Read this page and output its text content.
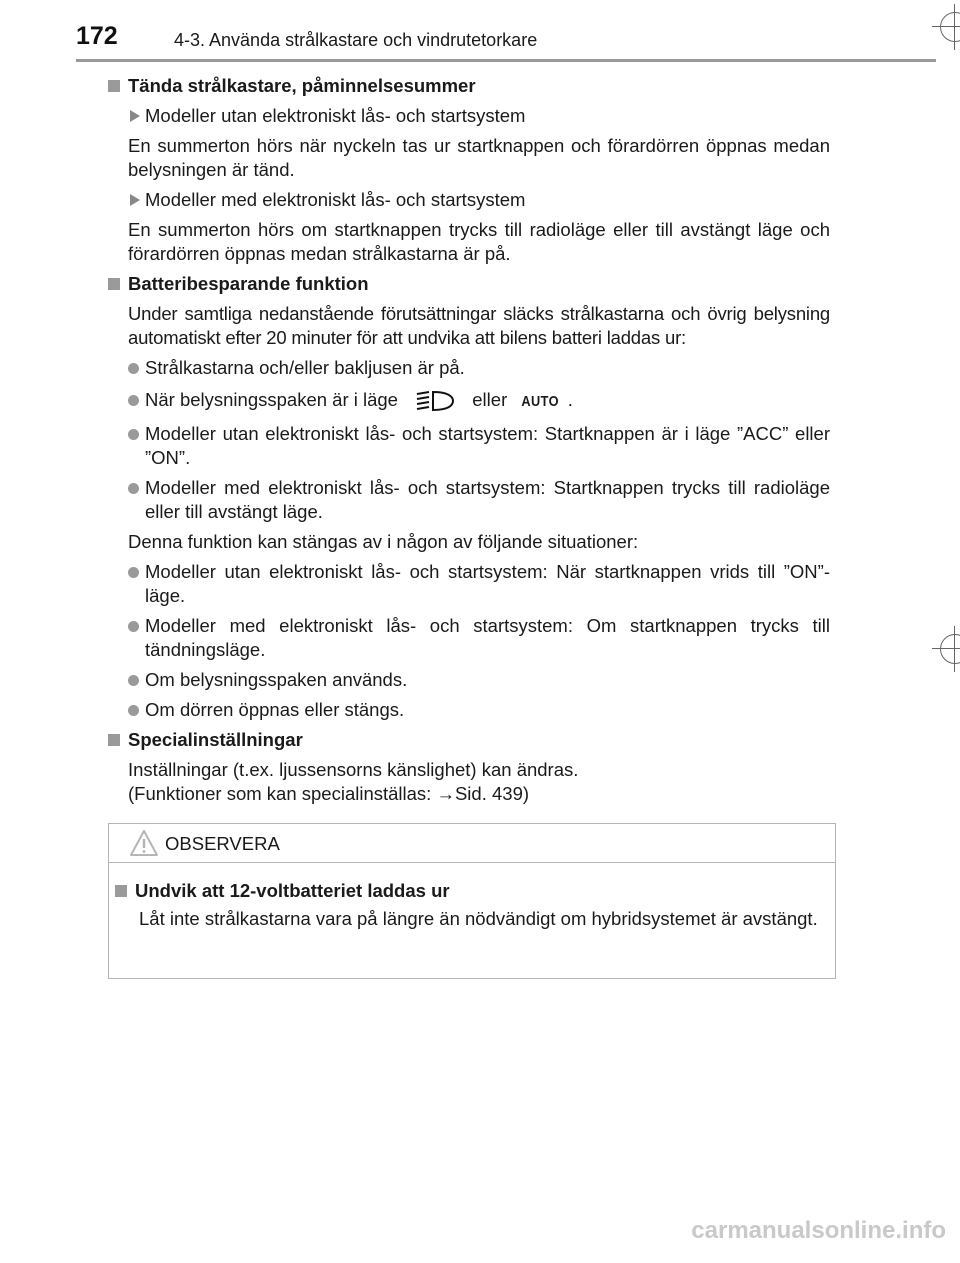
172	4-3. Använda strålkastare och vindrutetorkare
Tända strålkastare, påminnelsesummer
Modeller utan elektroniskt lås- och startsystem
En summerton hörs när nyckeln tas ur startknappen och förardörren öppnas medan belysningen är tänd.
Modeller med elektroniskt lås- och startsystem
En summerton hörs om startknappen trycks till radioläge eller till avstängt läge och förardörren öppnas medan strålkastarna är på.
Batteribesparande funktion
Under samtliga nedanstående förutsättningar släcks strålkastarna och övrig belysning automatiskt efter 20 minuter för att undvika att bilens batteri laddas ur:
Strålkastarna och/eller bakljusen är på.
När belysningsspaken är i läge	eller AUTO .
Modeller utan elektroniskt lås- och startsystem: Startknappen är i läge ”ACC” eller ”ON”.
Modeller med elektroniskt lås- och startsystem: Startknappen trycks till radioläge eller till avstängt läge.
Denna funktion kan stängas av i någon av följande situationer:
Modeller utan elektroniskt lås- och startsystem: När startknappen vrids till ”ON”-läge.
Modeller med elektroniskt lås- och startsystem: Om startknappen trycks till tändningsläge.
Om belysningsspaken används.
Om dörren öppnas eller stängs.
Specialinställningar
Inställningar (t.ex. ljussensorns känslighet) kan ändras.
(Funktioner som kan specialinställas: →Sid. 439)
OBSERVERA
Undvik att 12-voltbatteriet laddas ur
Låt inte strålkastarna vara på längre än nödvändigt om hybridsystemet är avstängt.
carmanualsonline.info
